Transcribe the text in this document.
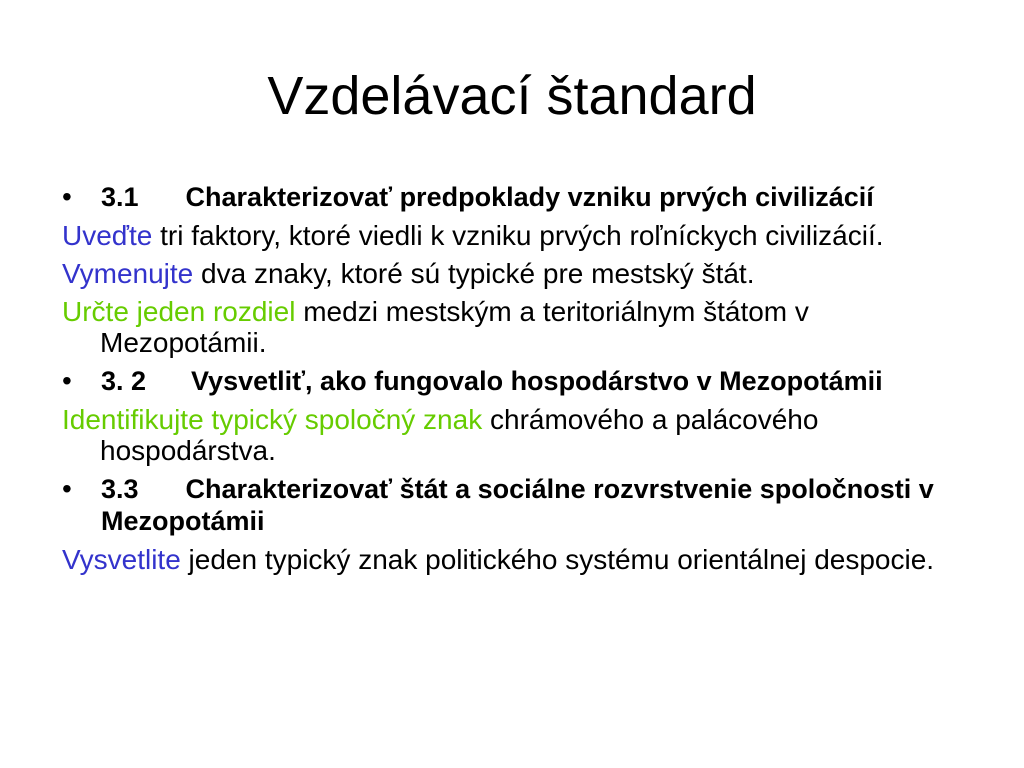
Vzdelávací štandard
•	3.1 Charakterizovať predpoklady vzniku prvých civilizácií
Uveďte tri faktory, ktoré viedli k vzniku prvých roľníckych civilizácií.
Vymenujte dva znaky, ktoré sú typické pre mestský štát.
Určte jeden rozdiel medzi mestským a teritoriálnym štátom v Mezopotámii.
•	3. 2 Vysvetliť, ako fungovalo hospodárstvo v Mezopotámii
Identifikujte typický spoločný znak chrámového a palácového hospodárstva.
•	3.3 Charakterizovať štát a sociálne rozvrstvenie spoločnosti v Mezopotámii
Vysvetlite jeden typický znak politického systému orientálnej despocie.
